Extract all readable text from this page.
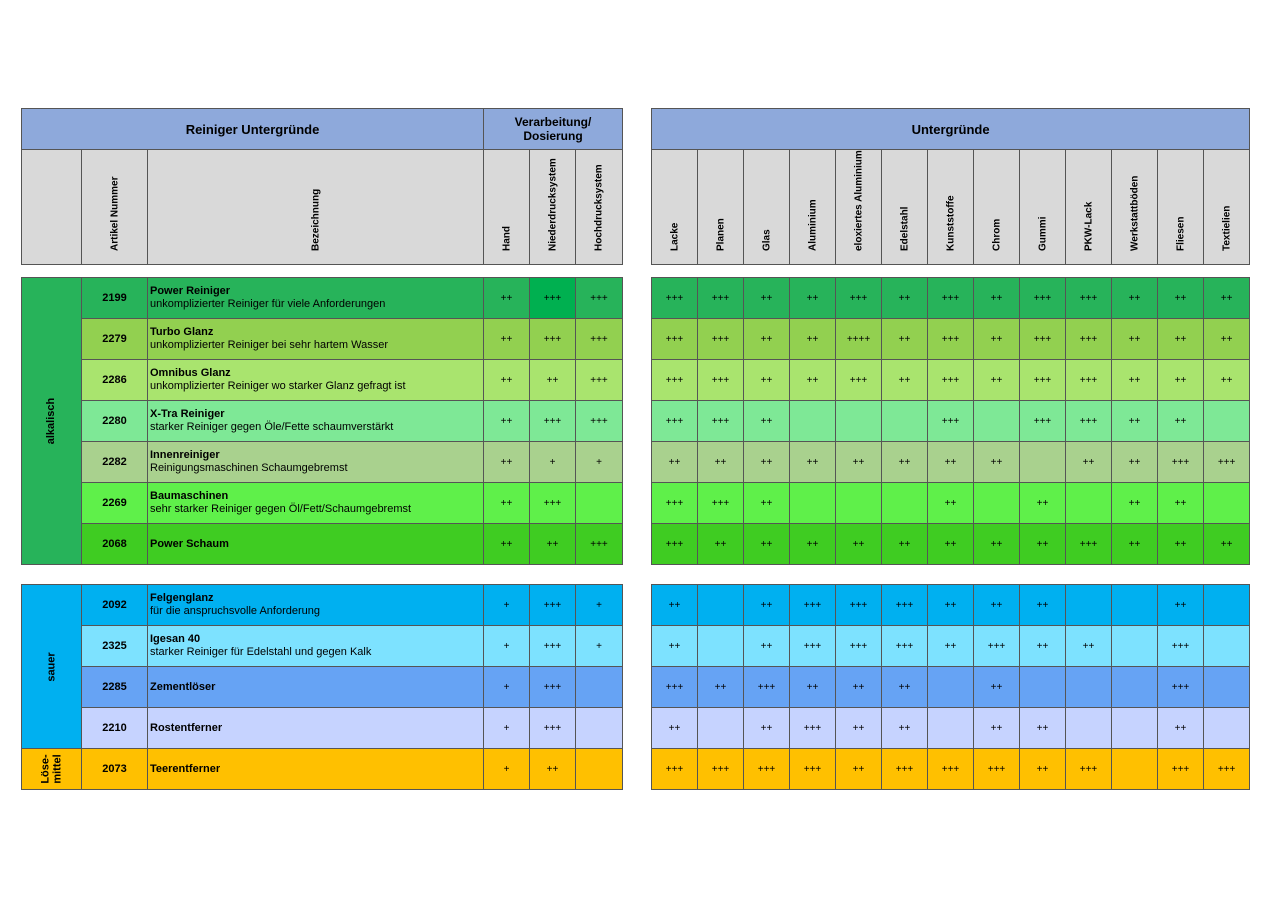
Reiniger Untergründe			Verarbeitung/ Dosierung		

	Artikel Nummer	Bezeichnung	Hand	Niederdrucksystem	Hochdrucksystem

alkalisch	2199	Power Reiniger
unkomplizierter Reiniger für viele Anforderungen	++	+++	+++
	2279	Turbo Glanz
unkomplizierter Reiniger bei sehr hartem Wasser	++	+++	+++
	2286	Omnibus Glanz
unkomplizierter Reiniger wo starker Glanz gefragt ist	++	++	+++
	2280	X-Tra Reiniger
starker Reiniger gegen Öle/Fette schaumverstärkt	++	+++	+++
	2282	Innenreiniger
Reinigungsmaschinen Schaumgebremst	++	+	+
	2269	Baumaschinen
sehr starker Reiniger gegen Öl/Fett/Schaumgebremst	++	+++	
	2068	Power Schaum	++	++	+++

sauer	2092	Felgenglanz
für die anspruchsvolle Anforderung	+	+++	+
	2325	Igesan 40
starker Reiniger für Edelstahl und gegen Kalk	+	+++	+
	2285	Zementlöser	+	+++	
	2210	Rostentferner	+	+++	
Löse-
mittel	2073	Teerentferner	+	++	
Untergründe												

Lacke	Planen	Glas	Aluminium	eloxiertes Aluminium	Edelstahl	Kunststoffe	Chrom	Gummi	PKW-Lack	Werkstattböden	Fliesen	Textielien

+++	+++	++	++	+++	++	+++	++	+++	+++	++	++	++
+++	+++	++	++	++++	++	+++	++	+++	+++	++	++	++
+++	+++	++	++	+++	++	+++	++	+++	+++	++	++	++
+++	+++	++				+++		+++	+++	++	++	
++	++	++	++	++	++	++	++		++	++	+++	+++
+++	+++	++				++		++		++	++	
+++	++	++	++	++	++	++	++	++	+++	++	++	++

++		++	+++	+++	+++	++	++	++			++	
++		++	+++	+++	+++	++	+++	++	++		+++	
+++	++	+++	++	++	++		++				+++	
++		++	+++	++	++		++	++			++	
+++	+++	+++	+++	++	+++	+++	+++	++	+++		+++	+++
